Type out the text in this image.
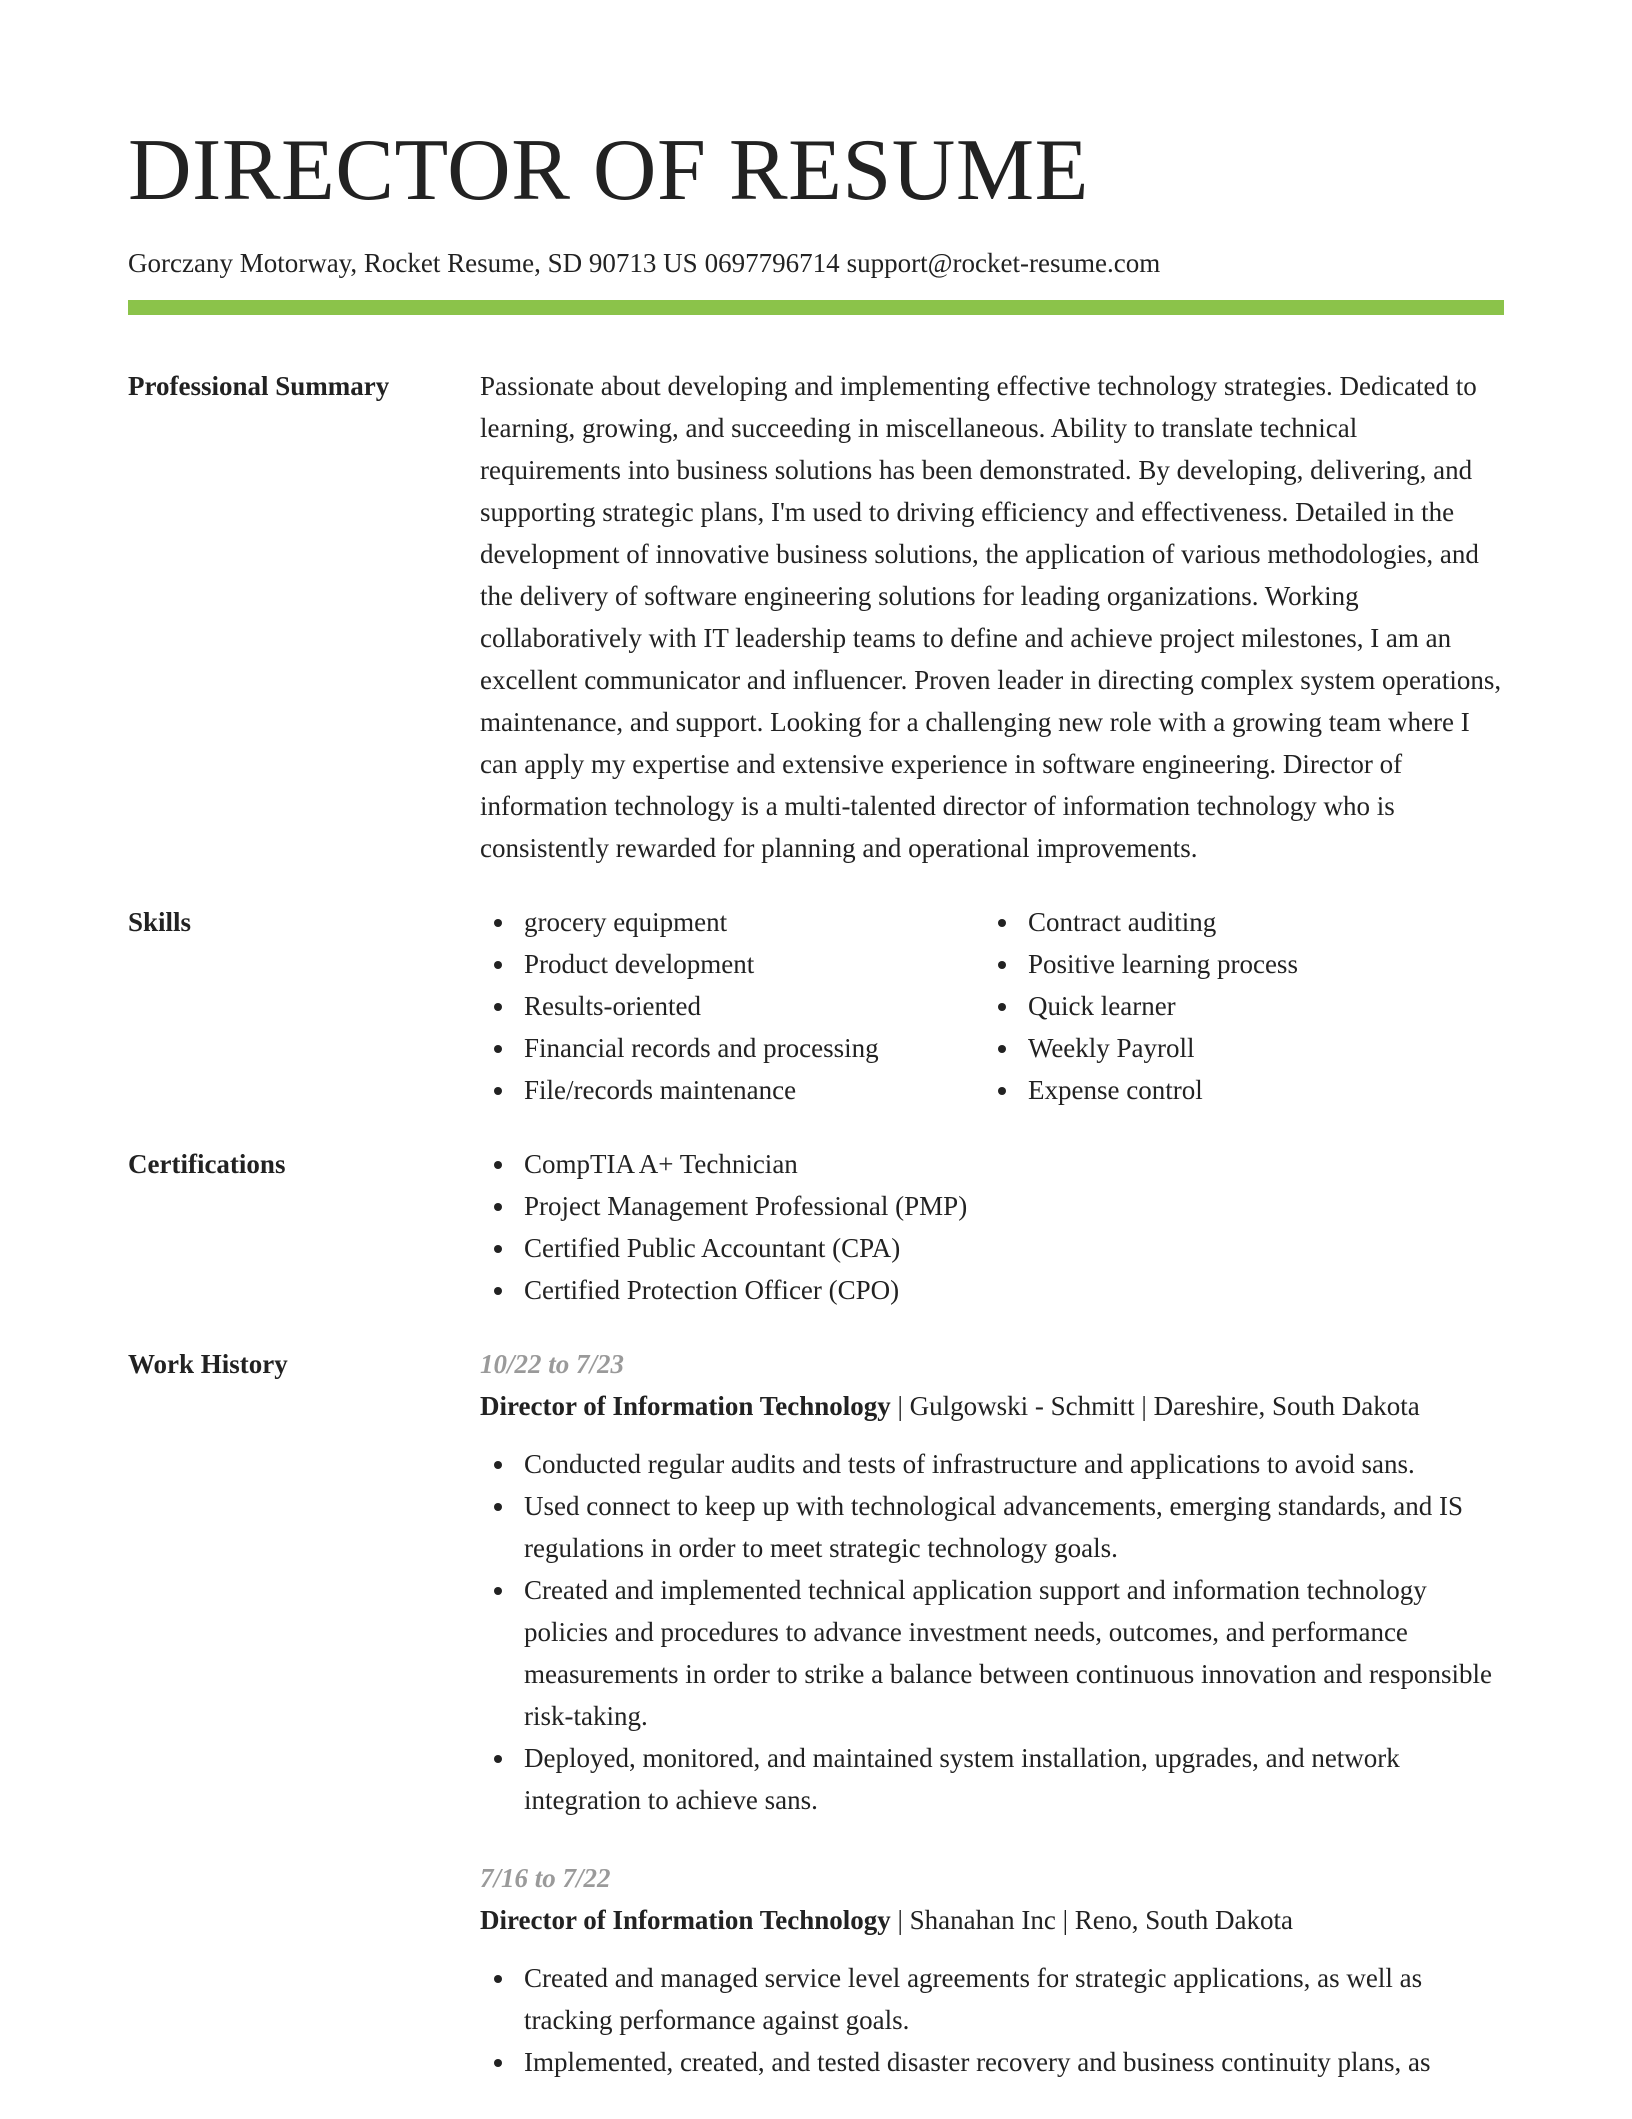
DIRECTOR OF RESUME
Gorczany Motorway, Rocket Resume, SD 90713 US 0697796714 support@rocket-resume.com
Professional Summary	Passionate about developing and implementing effective technology strategies. Dedicated to learning, growing, and succeeding in miscellaneous. Ability to translate technical requirements into business solutions has been demonstrated. By developing, delivering, and supporting strategic plans, I'm used to driving efficiency and effectiveness. Detailed in the development of innovative business solutions, the application of various methodologies, and the delivery of software engineering solutions for leading organizations. Working collaboratively with IT leadership teams to define and achieve project milestones, I am an excellent communicator and influencer. Proven leader in directing complex system operations, maintenance, and support. Looking for a challenging new role with a growing team where I can apply my expertise and extensive experience in software engineering. Director of information technology is a multi-talented director of information technology who is consistently rewarded for planning and operational improvements.

Skills	grocery equipment
Product development
Results-oriented
Financial records and processing
File/records maintenance
Contract auditing
Positive learning process
Quick learner
Weekly Payroll
Expense control
Certifications	CompTIA A+ Technician
Project Management Professional (PMP)
Certified Public Accountant (CPA)
Certified Protection Officer (CPO)
Work History	10/22 to 7/23
Director of Information Technology | Gulgowski - Schmitt | Dareshire, South Dakota
Conducted regular audits and tests of infrastructure and applications to avoid sans.
Used connect to keep up with technological advancements, emerging standards, and IS regulations in order to meet strategic technology goals.
Created and implemented technical application support and information technology policies and procedures to advance investment needs, outcomes, and performance measurements in order to strike a balance between continuous innovation and responsible risk-taking.
Deployed, monitored, and maintained system installation, upgrades, and network integration to achieve sans.
7/16 to 7/22
Director of Information Technology | Shanahan Inc | Reno, South Dakota
Created and managed service level agreements for strategic applications, as well as tracking performance against goals.
Implemented, created, and tested disaster recovery and business continuity plans, as
